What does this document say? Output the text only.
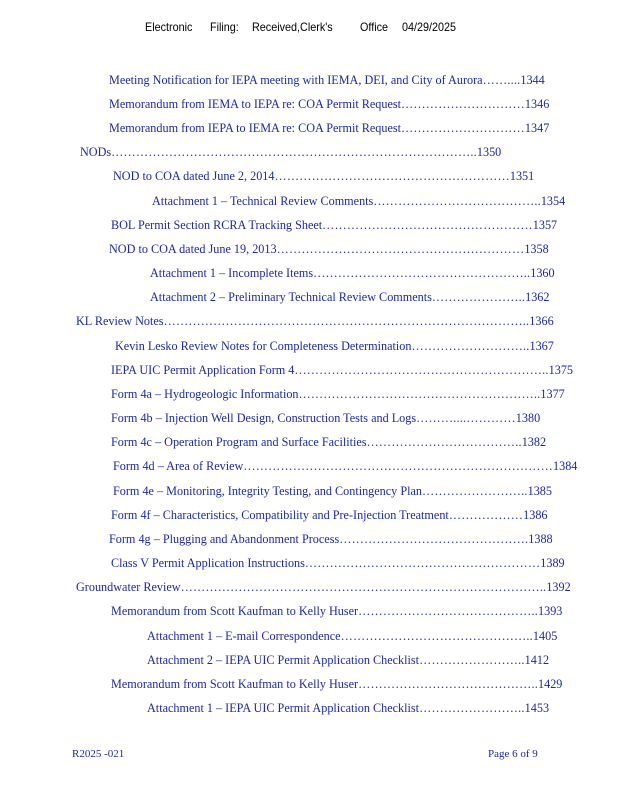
Electronic Filing: Received,Clerk's Office 04/29/2025
Meeting Notification for IEPA meeting with IEMA, DEI, and City of Aurora……....1344
Memorandum from IEMA to IEPA re: COA Permit Request…………………………1346
Memorandum from IEPA to IEMA re: COA Permit Request…………………………1347
NODs……………………………………………………………………………..1350
NOD to COA dated June 2, 2014…………………………………………………1351
Attachment 1 – Technical Review Comments…………………………………..1354
BOL Permit Section RCRA Tracking Sheet……………………………………………1357
NOD to COA dated June 19, 2013……………………………………………………1358
Attachment 1 – Incomplete Items……………………………………………..1360
Attachment 2 – Preliminary Technical Review Comments…………………..1362
KL Review Notes……………………………………………………………………………..1366
Kevin Lesko Review Notes for Completeness Determination………………………..1367
IEPA UIC Permit Application Form 4……………………………………………………..1375
Form 4a – Hydrogeologic Information…………………………………………………..1377
Form 4b – Injection Well Design, Construction Tests and Logs………....…………1380
Form 4c – Operation Program and Surface Facilities………………………………..1382
Form 4d – Area of Review…………………………………………………………………1384
Form 4e – Monitoring, Integrity Testing, and Contingency Plan……………………..1385
Form 4f – Characteristics, Compatibility and Pre-Injection Treatment………………1386
Form 4g – Plugging and Abandonment Process……………………………………….1388
Class V Permit Application Instructions…………………………………………………1389
Groundwater Review……………………………………………………………………………..1392
Memorandum from Scott Kaufman to Kelly Huser……………………………………..1393
Attachment 1 – E-mail Correspondence………………………………………..1405
Attachment 2 – IEPA UIC Permit Application Checklist……………………..1412
Memorandum from Scott Kaufman to Kelly Huser……………………………………..1429
Attachment 1 – IEPA UIC Permit Application Checklist……………………..1453
R2025 -021	Page 6 of 9
